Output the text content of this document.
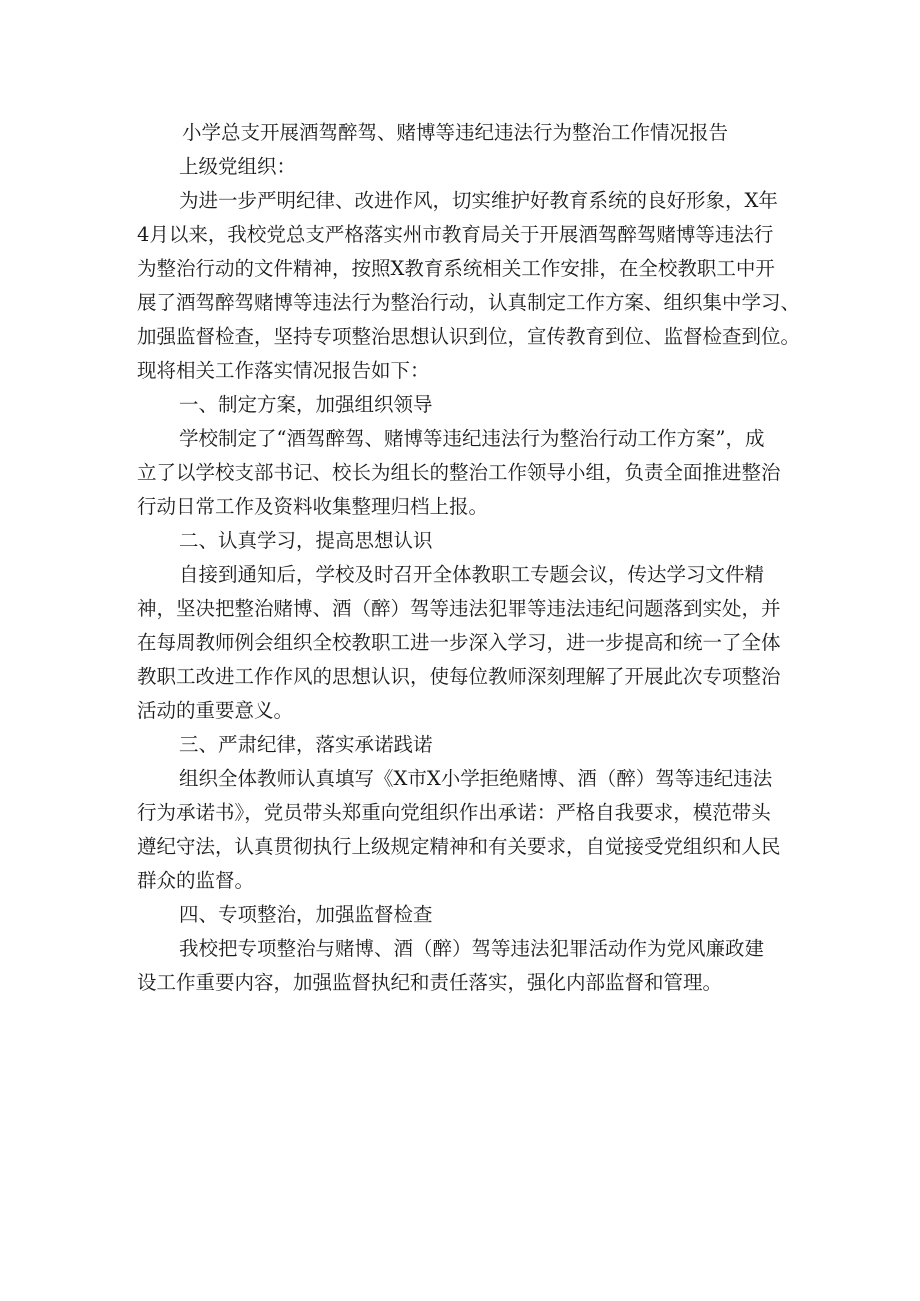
小学总支开展酒驾醉驾、赌博等违纪违法行为整治工作情况报告

上级党组织：

为进一步严明纪律、改进作风，切实维护好教育系统的良好形象，X年

4月以来，我校党总支严格落实州市教育局关于开展酒驾醉驾赌博等违法行

为整治行动的文件精神，按照X教育系统相关工作安排，在全校教职工中开

展了酒驾醉驾赌博等违法行为整治行动，认真制定工作方案、组织集中学习、

加强监督检查，坚持专项整治思想认识到位，宣传教育到位、监督检查到位。

现将相关工作落实情况报告如下：

一、制定方案，加强组织领导

学校制定了“酒驾醉驾、赌博等违纪违法行为整治行动工作方案”，成

立了以学校支部书记、校长为组长的整治工作领导小组，负责全面推进整治

行动日常工作及资料收集整理归档上报。

二、认真学习，提高思想认识

自接到通知后，学校及时召开全体教职工专题会议，传达学习文件精

神，坚决把整治赌博、酒（醉）驾等违法犯罪等违法违纪问题落到实处，并

在每周教师例会组织全校教职工进一步深入学习，进一步提高和统一了全体

教职工改进工作作风的思想认识，使每位教师深刻理解了开展此次专项整治

活动的重要意义。

三、严肃纪律，落实承诺践诺

组织全体教师认真填写《X市X小学拒绝赌博、酒（醉）驾等违纪违法

行为承诺书》，党员带头郑重向党组织作出承诺：严格自我要求，模范带头

遵纪守法，认真贯彻执行上级规定精神和有关要求，自觉接受党组织和人民

群众的监督。

四、专项整治，加强监督检查

我校把专项整治与赌博、酒（醉）驾等违法犯罪活动作为党风廉政建

设工作重要内容，加强监督执纪和责任落实，强化内部监督和管理。
